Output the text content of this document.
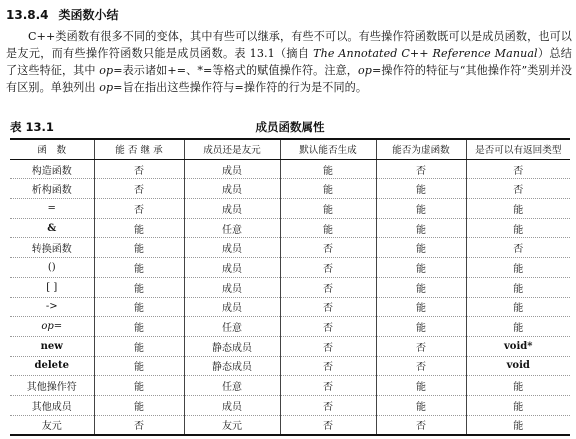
13.8.4 类函数小结
C++类函数有很多不同的变体，其中有些可以继承，有些不可以。有些操作符函数既可以是成员函数，也可以是友元，而有些操作符函数只能是成员函数。表 13.1（摘自 The Annotated C++ Reference Manual）总结了这些特征，其中 op=表示诸如+=、*=等格式的赋值操作符。注意，op=操作符的特征与“其他操作符”类别并没有区别。单独列出 op=旨在指出这些操作符与=操作符的行为是不同的。
表 13.1	成员函数属性
函　数	能 否 继 承	成员还是友元	默认能否生成	能否为虚函数	是否可以有返回类型
构造函数	否	成员	能	否	否
析构函数	否	成员	能	能	否
=	否	成员	能	能	能
&	能	任意	能	能	能
转换函数	能	成员	否	能	否
()	能	成员	否	能	能
[ ]	能	成员	否	能	能
->	能	成员	否	能	能
op=	能	任意	否	能	能
new	能	静态成员	否	否	void*
delete	能	静态成员	否	否	void
其他操作符	能	任意	否	能	能
其他成员	能	成员	否	能	能
友元	否	友元	否	否	能
